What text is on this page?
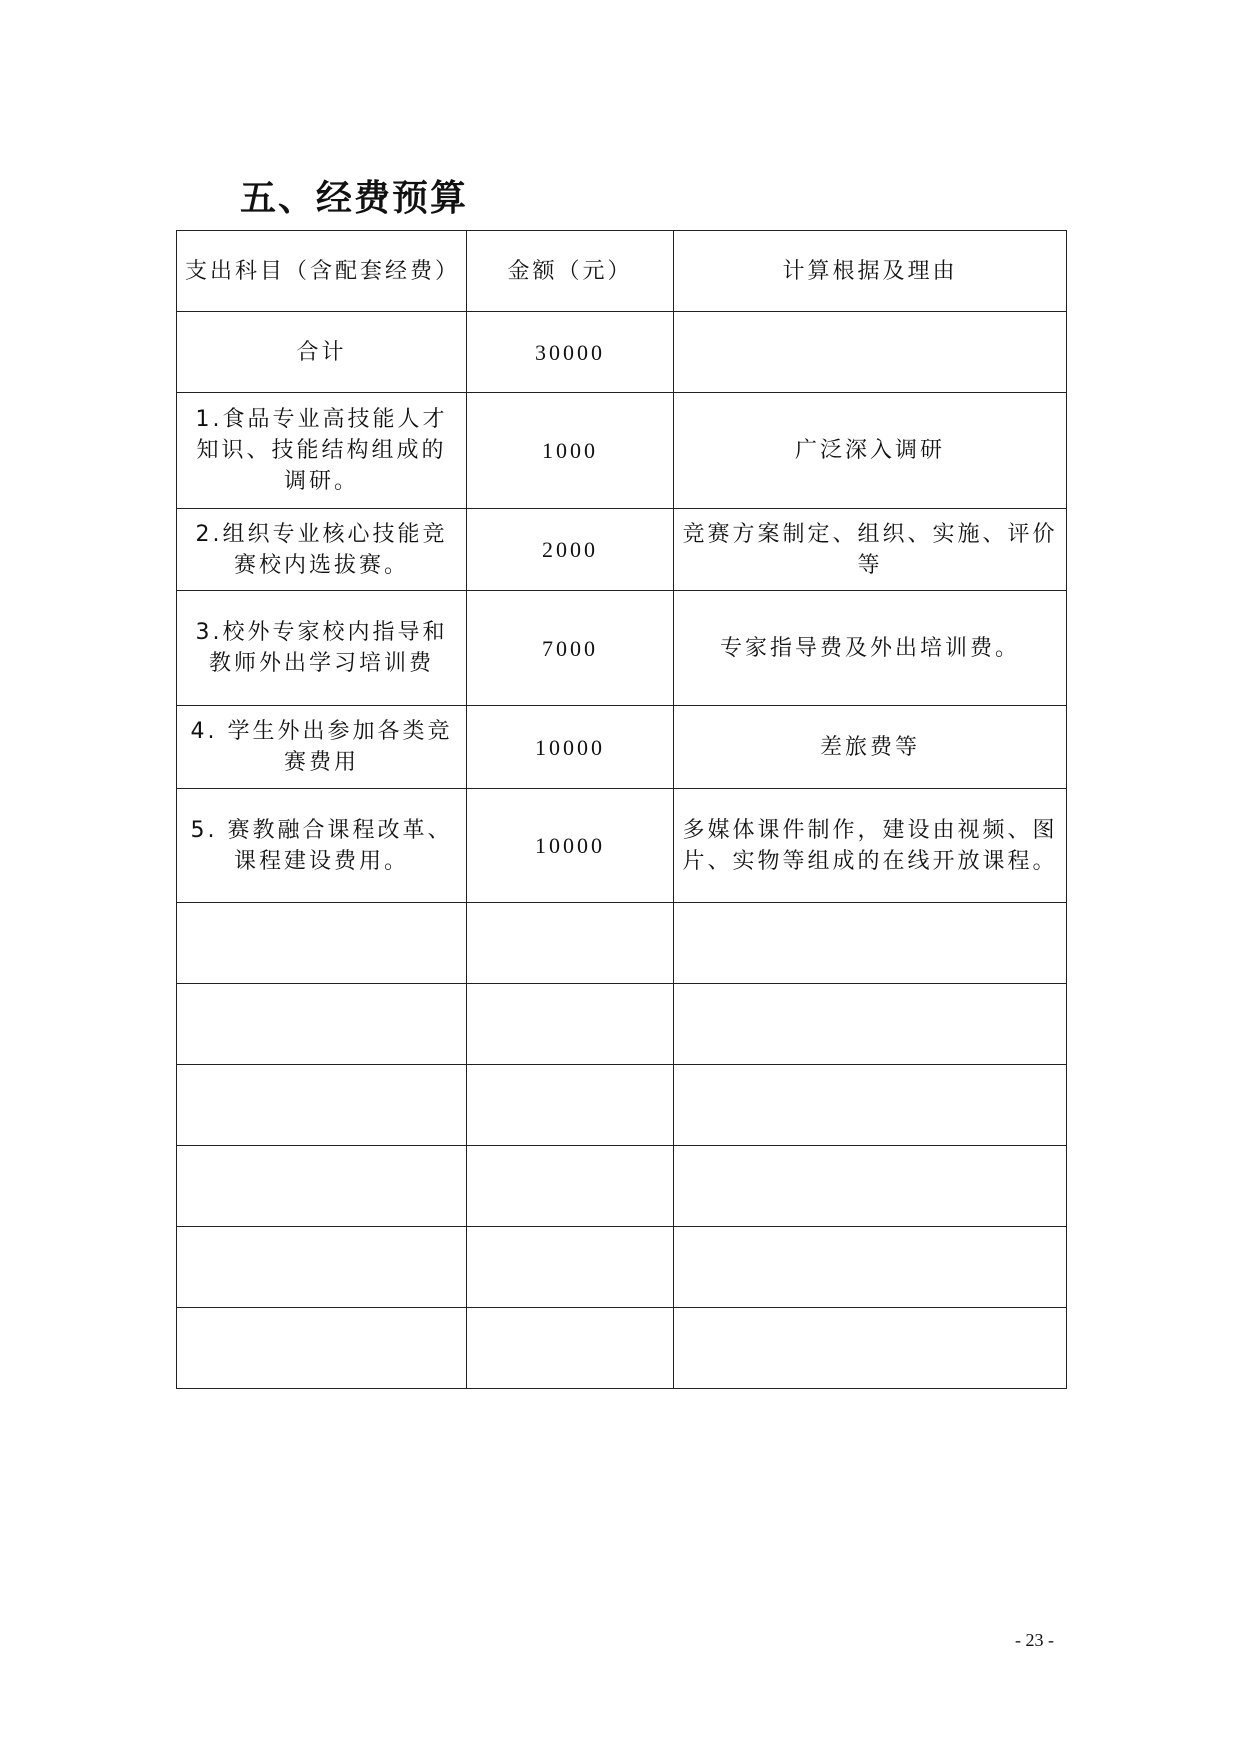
五、经费预算
支出科目（含配套经费）	金额（元）	计算根据及理由
合计	30000	
1.食品专业高技能人才知识、技能结构组成的调研。	1000	广泛深入调研
2.组织专业核心技能竞赛校内选拔赛。	2000	竞赛方案制定、组织、实施、评价等
3.校外专家校内指导和教师外出学习培训费	7000	专家指导费及外出培训费。
4. 学生外出参加各类竞赛费用	10000	差旅费等
5. 赛教融合课程改革、课程建设费用。	10000	多媒体课件制作，建设由视频、图片、实物等组成的在线开放课程。

- 23 -
